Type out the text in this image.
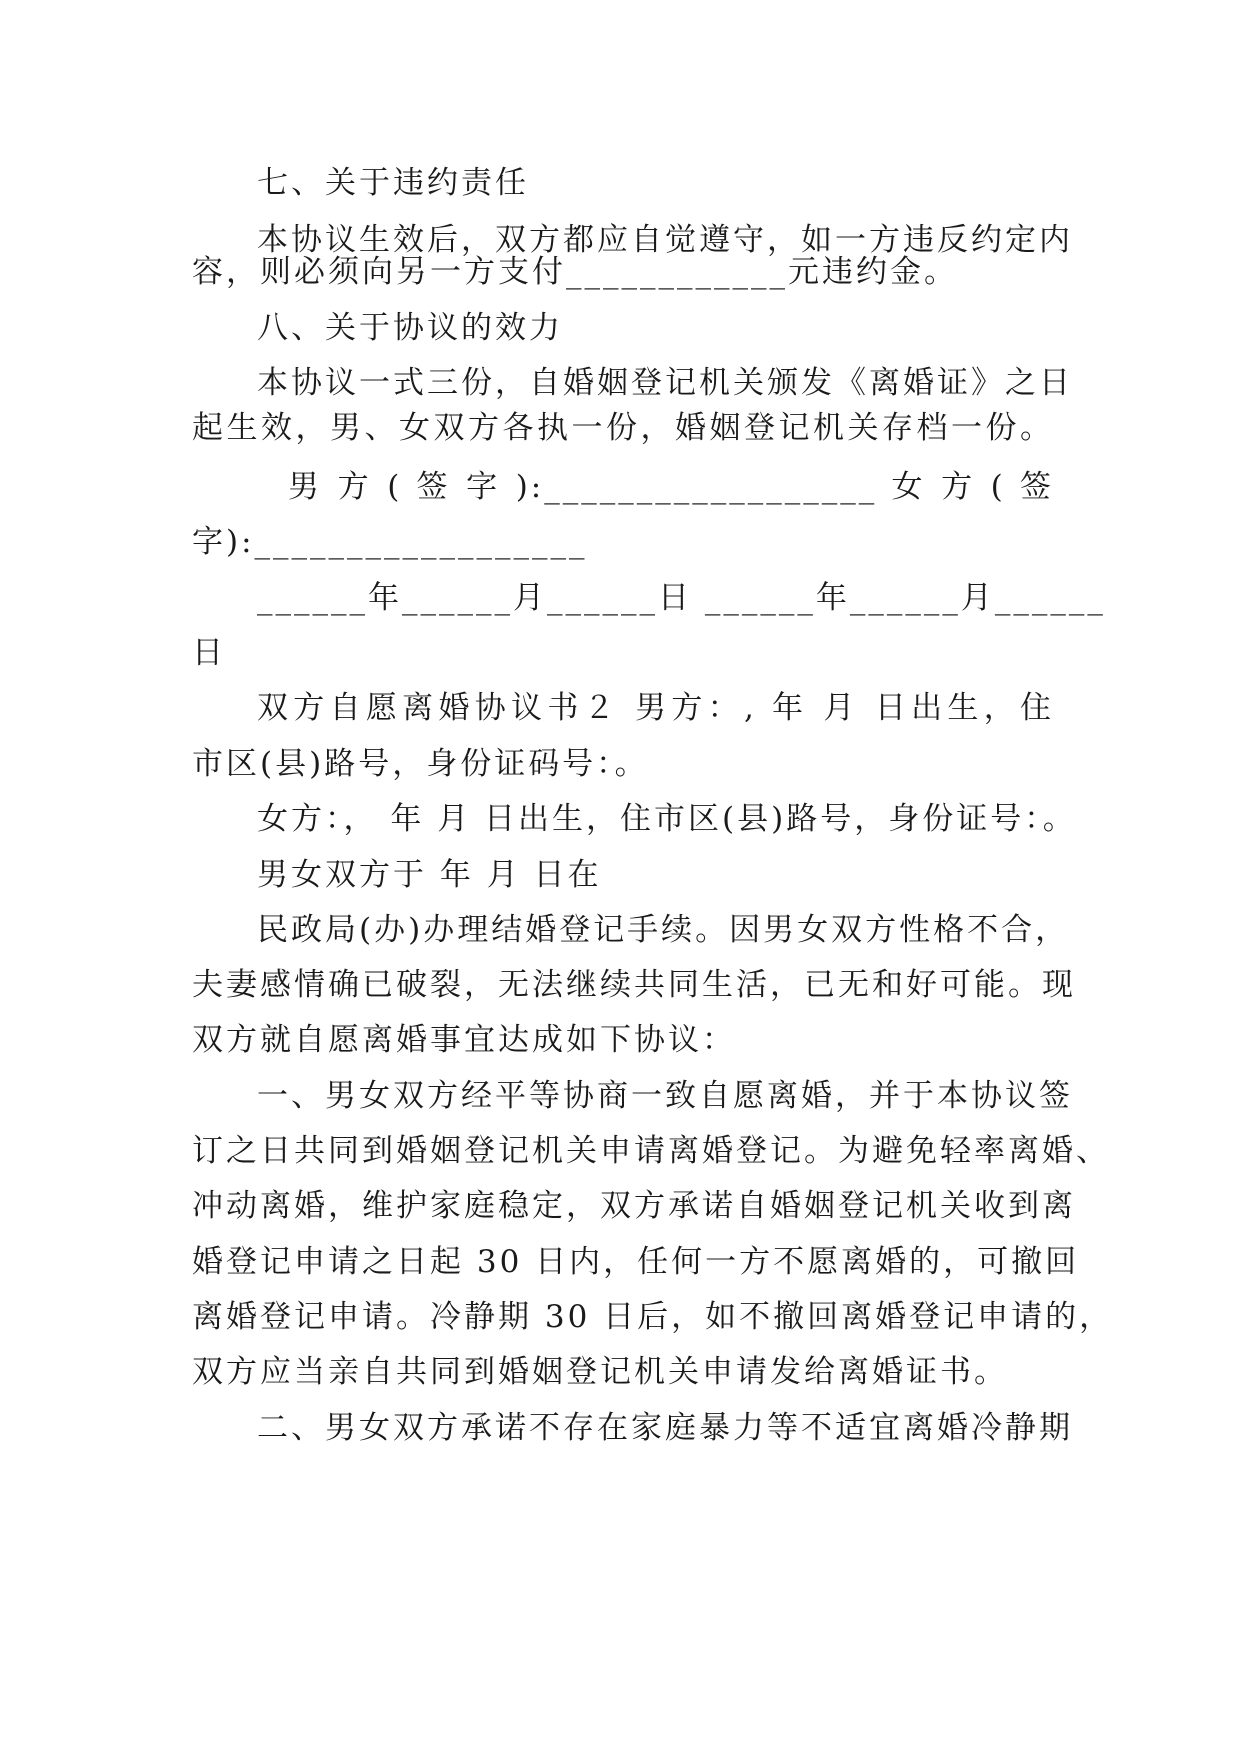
七、关于违约责任
本协议生效后，双方都应自觉遵守，如一方违反约定内
容，则必须向另一方支付____________元违约金。
八、关于协议的效力
本协议一式三份，自婚姻登记机关颁发《离婚证》之日
起生效，男、女双方各执一份，婚姻登记机关存档一份。
男 方 ( 签 字 ):__________________ 女 方 ( 签
字):__________________
______年______月______日 ______年______月______
日
双方自愿离婚协议书２ 男方：, 年 月 日出生，住
市区(县)路号，身份证码号：。
女方：， 年 月 日出生，住市区(县)路号，身份证号：。
男女双方于 年 月 日在
民政局(办)办理结婚登记手续。因男女双方性格不合，
夫妻感情确已破裂，无法继续共同生活，已无和好可能。现
双方就自愿离婚事宜达成如下协议：
一、男女双方经平等协商一致自愿离婚，并于本协议签
订之日共同到婚姻登记机关申请离婚登记。为避免轻率离婚、
冲动离婚，维护家庭稳定，双方承诺自婚姻登记机关收到离
婚登记申请之日起 30 日内，任何一方不愿离婚的，可撤回
离婚登记申请。冷静期 30 日后，如不撤回离婚登记申请的，
双方应当亲自共同到婚姻登记机关申请发给离婚证书。
二、男女双方承诺不存在家庭暴力等不适宜离婚冷静期
